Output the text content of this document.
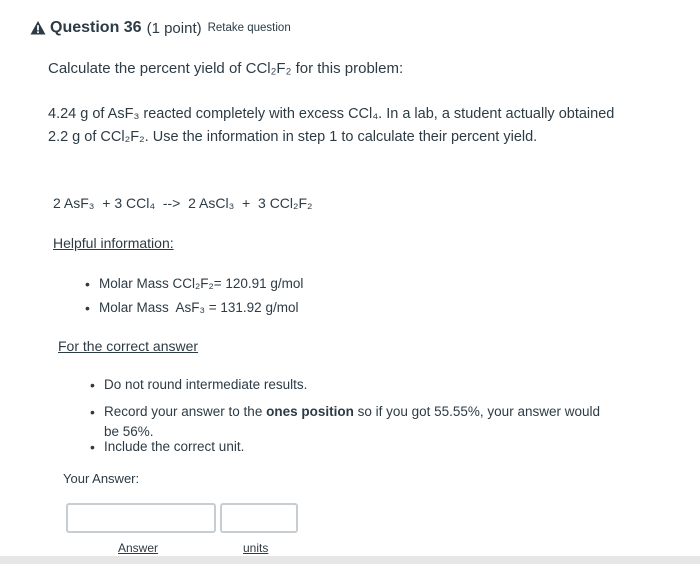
Question 36 (1 point) Retake question
Calculate the percent yield of CCl₂F₂ for this problem:
4.24 g of AsF₃ reacted completely with excess CCl₄. In a lab, a student actually obtained 2.2 g of CCl₂F₂. Use the information in step 1 to calculate their percent yield.
2 AsF₃  + 3 CCl₄  -->  2 AsCl₃  +  3 CCl₂F₂
Helpful information:
• Molar Mass CCl₂F₂= 120.91 g/mol
• Molar Mass  AsF₃ = 131.92 g/mol
For the correct answer
• Do not round intermediate results.
• Record your answer to the ones position so if you got 55.55%, your answer would be 56%.
• Include the correct unit.
Your Answer:
Answer	units
